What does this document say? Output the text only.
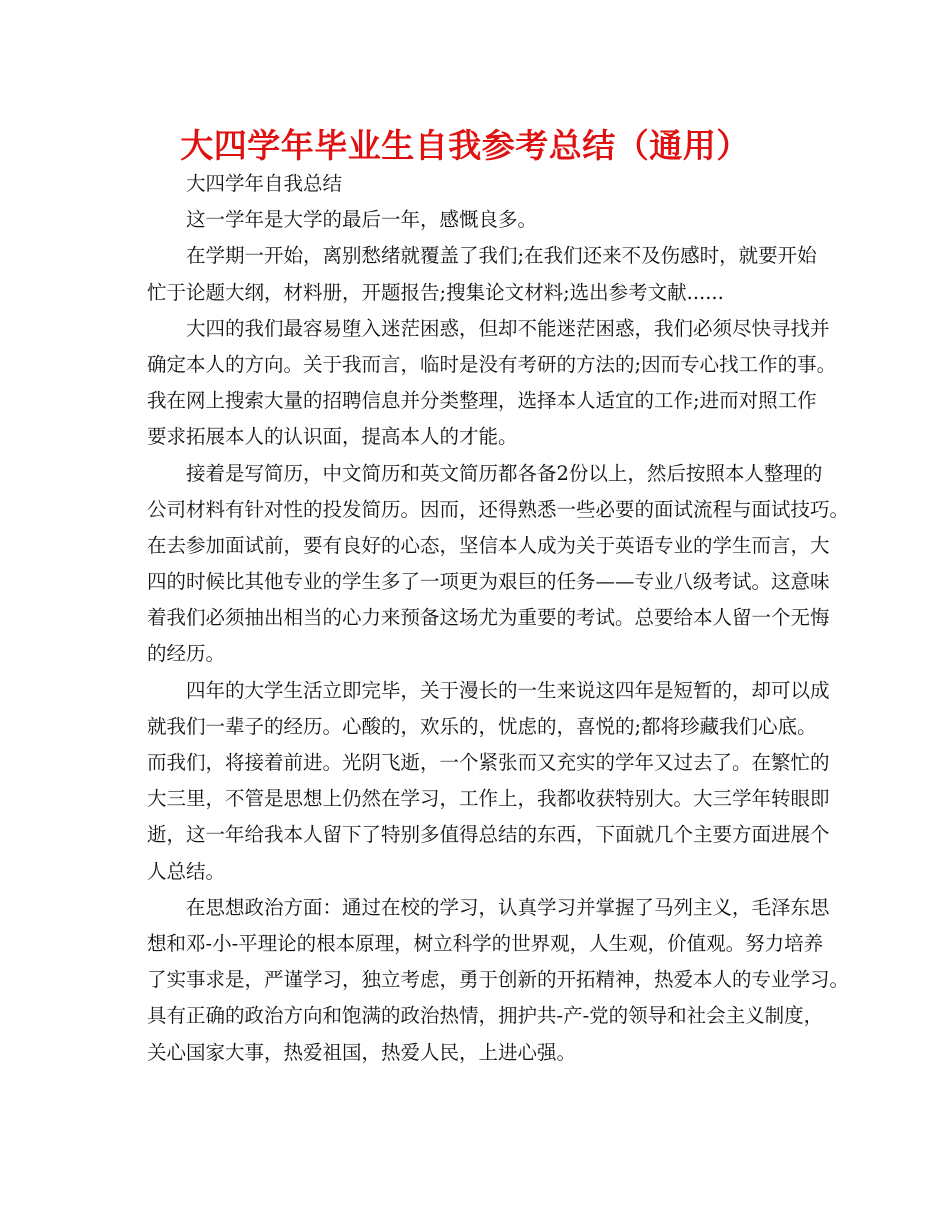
大四学年毕业生自我参考总结（通用）
大四学年自我总结
这一学年是大学的最后一年，感慨良多。
在学期一开始，离别愁绪就覆盖了我们;在我们还来不及伤感时，就要开始
忙于论题大纲，材料册，开题报告;搜集论文材料;选出参考文献......
大四的我们最容易堕入迷茫困惑，但却不能迷茫困惑，我们必须尽快寻找并
确定本人的方向。关于我而言，临时是没有考研的方法的;因而专心找工作的事。
我在网上搜索大量的招聘信息并分类整理，选择本人适宜的工作;进而对照工作
要求拓展本人的认识面，提高本人的才能。
接着是写简历，中文简历和英文简历都各备2份以上，然后按照本人整理的
公司材料有针对性的投发简历。因而，还得熟悉一些必要的面试流程与面试技巧。
在去参加面试前，要有良好的心态，坚信本人成为关于英语专业的学生而言，大
四的时候比其他专业的学生多了一项更为艰巨的任务——专业八级考试。这意味
着我们必须抽出相当的心力来预备这场尤为重要的考试。总要给本人留一个无悔
的经历。
四年的大学生活立即完毕，关于漫长的一生来说这四年是短暂的，却可以成
就我们一辈子的经历。心酸的，欢乐的，忧虑的，喜悦的;都将珍藏我们心底。
而我们，将接着前进。光阴飞逝，一个紧张而又充实的学年又过去了。在繁忙的
大三里，不管是思想上仍然在学习，工作上，我都收获特别大。大三学年转眼即
逝，这一年给我本人留下了特别多值得总结的东西，下面就几个主要方面进展个
人总结。
在思想政治方面：通过在校的学习，认真学习并掌握了马列主义，毛泽东思
想和邓-小-平理论的根本原理，树立科学的世界观，人生观，价值观。努力培养
了实事求是，严谨学习，独立考虑，勇于创新的开拓精神，热爱本人的专业学习。
具有正确的政治方向和饱满的政治热情，拥护共-产-党的领导和社会主义制度，
关心国家大事，热爱祖国，热爱人民，上进心强。
